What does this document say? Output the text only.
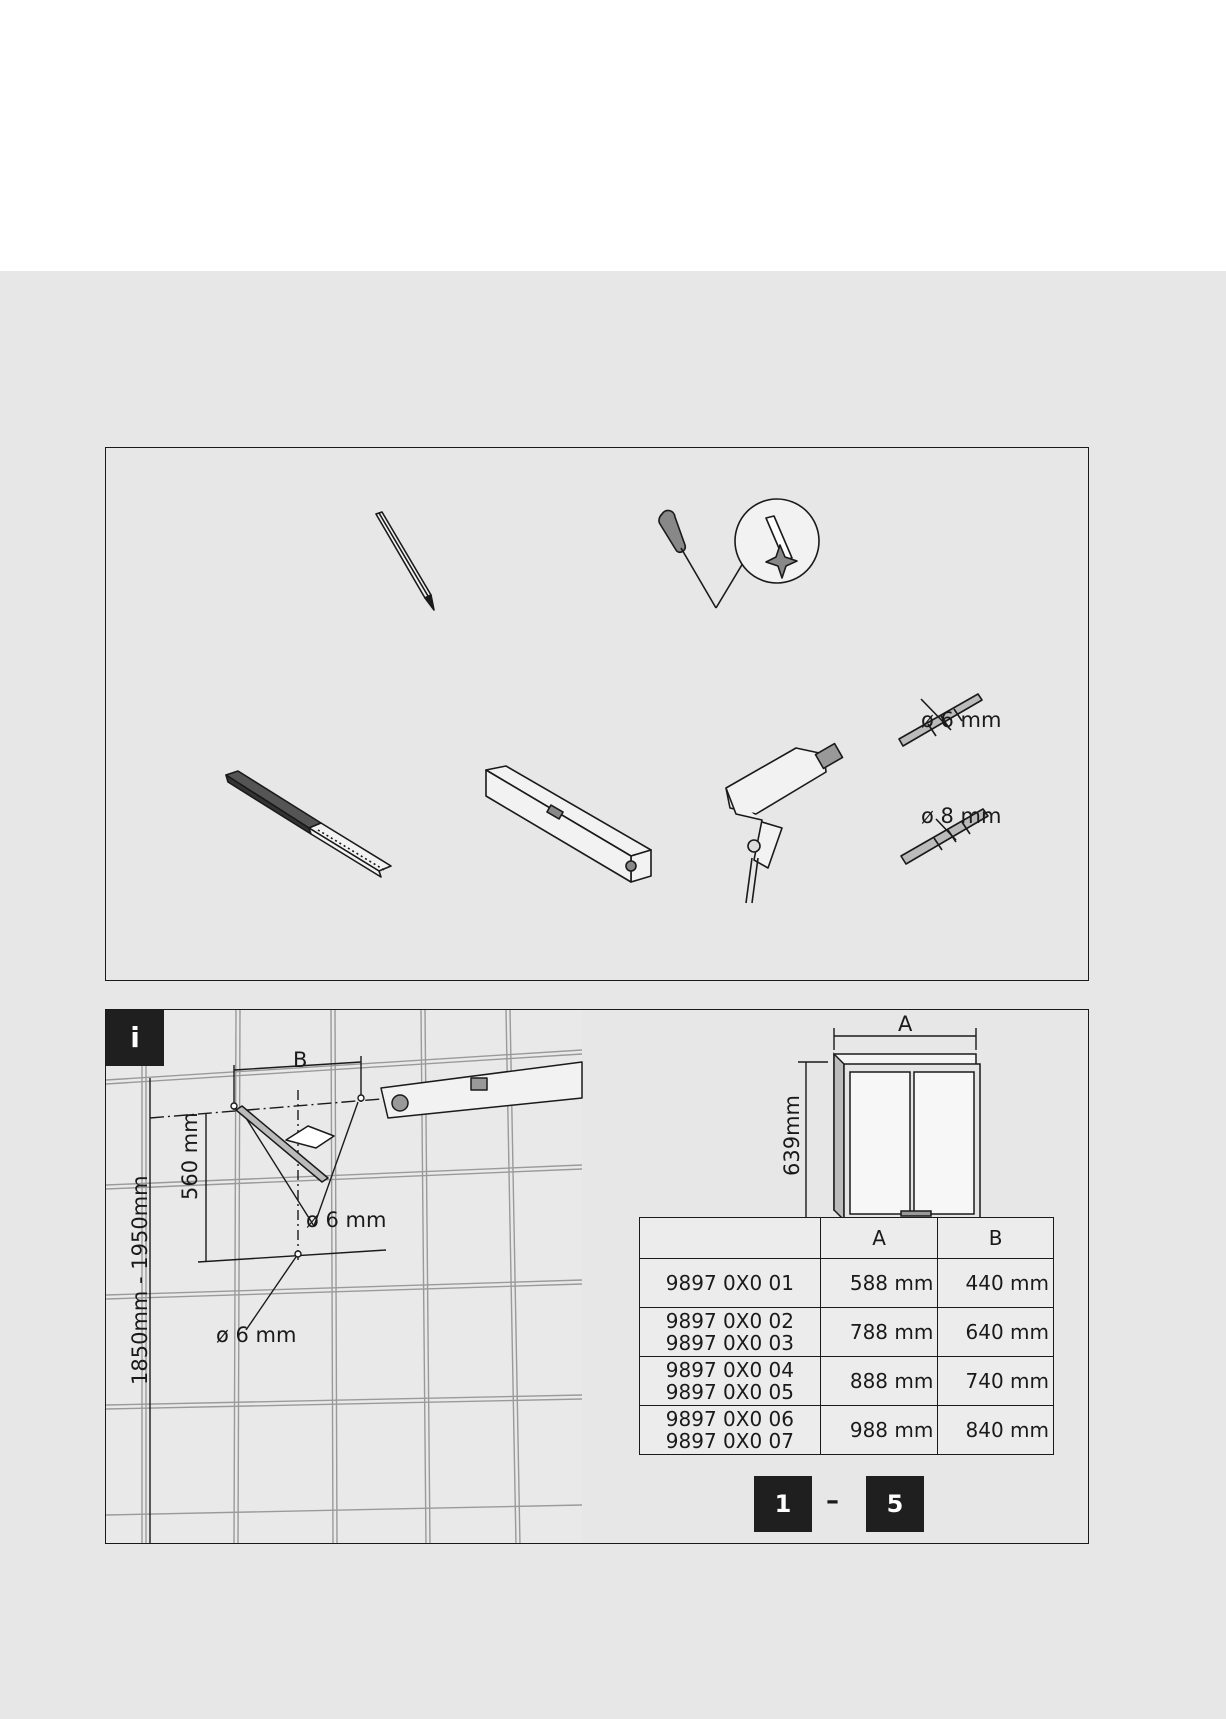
ø 6 mm
ø 8 mm
i
B
560 mm
ø 6 mm
ø 6 mm
1850mm - 1950mm
A
639mm
	A	B
9897 0X0 01	588 mm	440 mm
9897 0X0 02
9897 0X0 03	788 mm	640 mm
9897 0X0 04
9897 0X0 05	888 mm	740 mm
9897 0X0 06
9897 0X0 07	988 mm	840 mm
1	–	5
